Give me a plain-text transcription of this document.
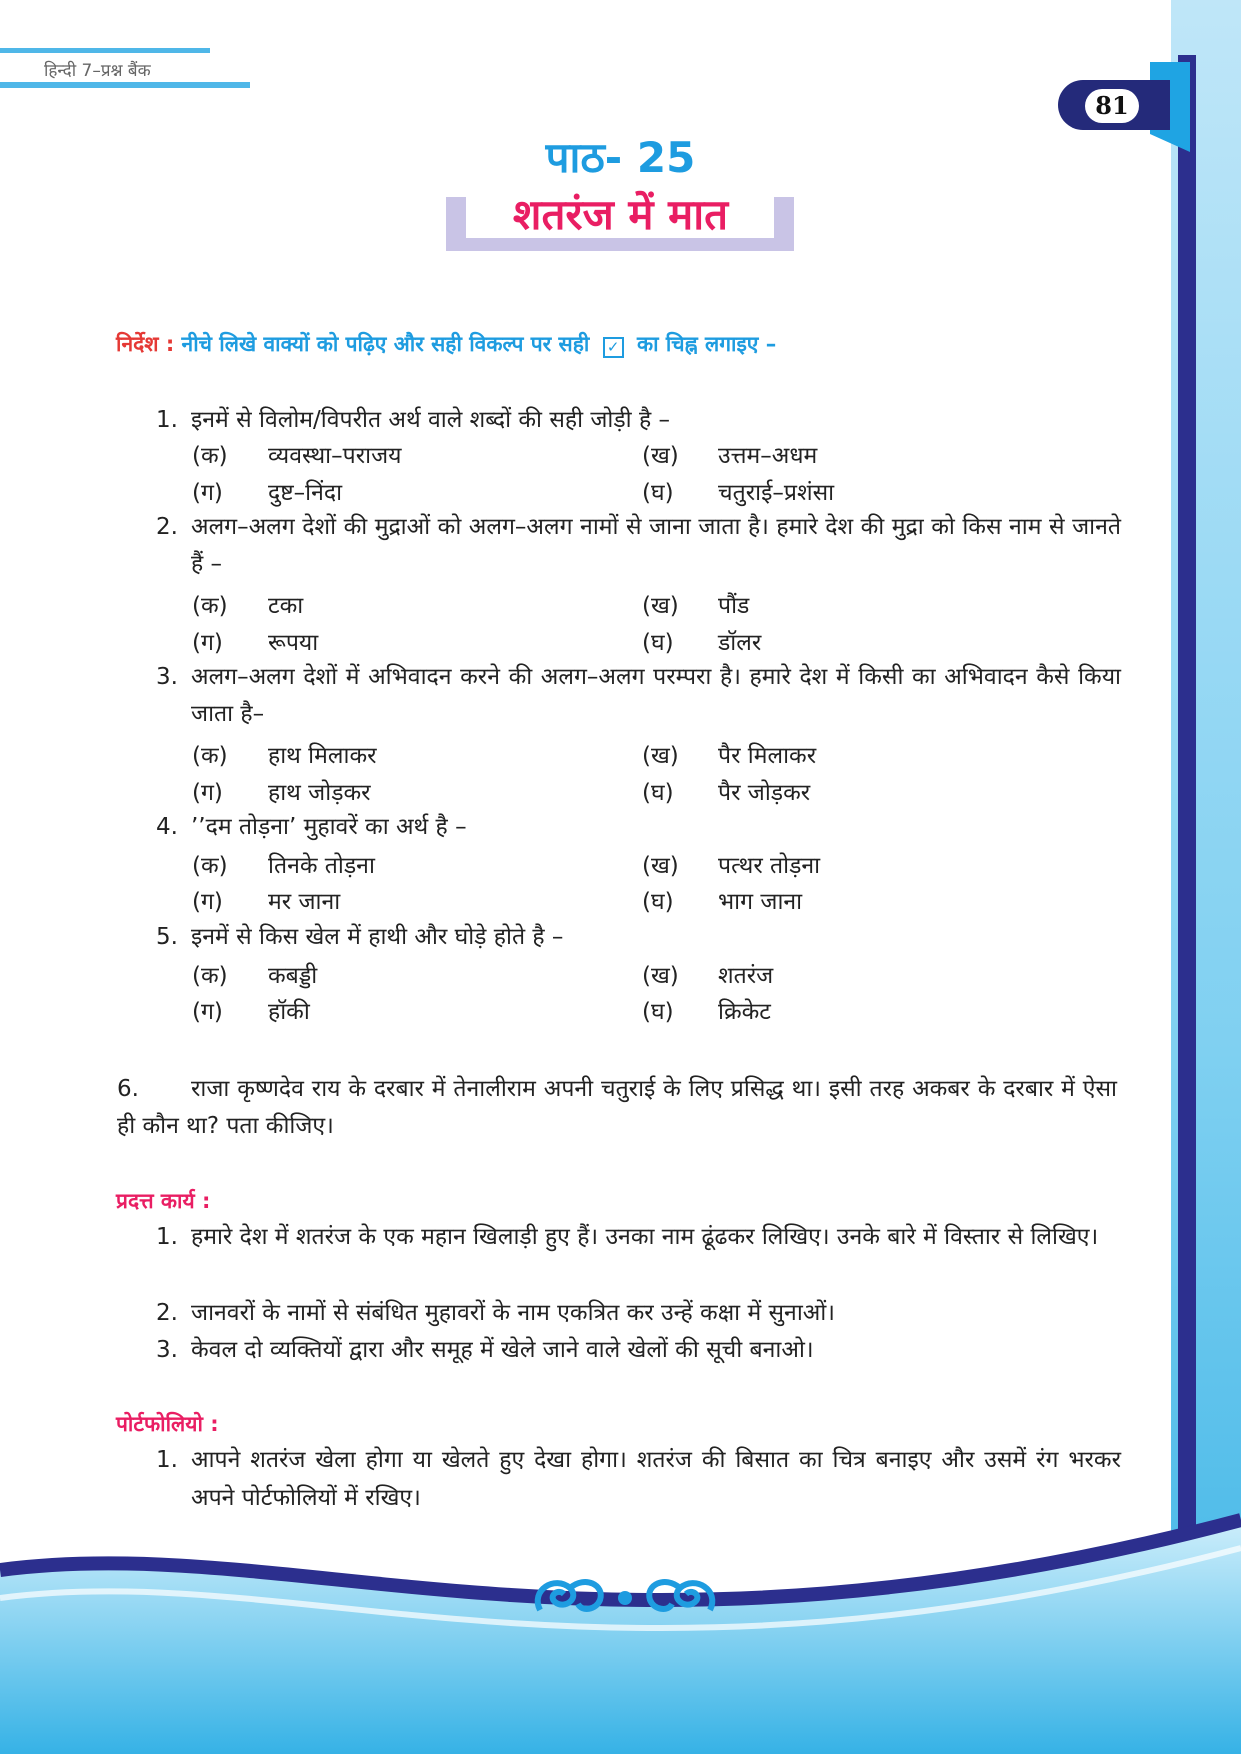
हिन्दी 7–प्रश्न बैंक
81
पाठ- 25
शतरंज में मात
निर्देश : नीचे लिखे वाक्यों को पढ़िए और सही विकल्प पर सही ✓ का चिह्न लगाइए –
1. इनमें से विलोम/विपरीत अर्थ वाले शब्दों की सही जोड़ी है –
(क) व्यवस्था–पराजय	(ख) उत्तम–अधम
(ग)	दुष्ट–निंदा	(घ)	चतुराई–प्रशंसा
2. अलग–अलग देशों की मुद्राओं को अलग–अलग नामों से जाना जाता है। हमारे देश की मुद्रा को किस नाम से जानते हैं –
(क) टका	(ख) पौंड
(ग)	रूपया	(घ)	डॉलर
3. अलग–अलग देशों में अभिवादन करने की अलग–अलग परम्परा है। हमारे देश में किसी का अभिवादन कैसे किया जाता है–
(क) हाथ मिलाकर	(ख) पैर मिलाकर
(ग)	हाथ जोड़कर	(घ)	पैर जोड़कर
4. ’’दम तोड़ना’ मुहावरें का अर्थ है –
(क) तिनके तोड़ना	(ख) पत्थर तोड़ना
(ग)	मर जाना	(घ)	भाग जाना
5. इनमें से किस खेल में हाथी और घोड़े होते है –
(क) कबड्डी	(ख) शतरंज
(ग)	हॉकी	(घ)	क्रिकेट
6. राजा कृष्णदेव राय के दरबार में तेनालीराम अपनी चतुराई के लिए प्रसिद्ध था। इसी तरह अकबर के दरबार में ऐसा ही कौन था? पता कीजिए।
प्रदत्त कार्य :
1. हमारे देश में शतरंज के एक महान खिलाड़ी हुए हैं। उनका नाम ढूंढकर लिखिए। उनके बारे में विस्तार से लिखिए।
2. जानवरों के नामों से संबंधित मुहावरों के नाम एकत्रित कर उन्हें कक्षा में सुनाओं।
3. केवल दो व्यक्तियों द्वारा और समूह में खेले जाने वाले खेलों की सूची बनाओ।
पोर्टफोलियो :
1. आपने शतरंज खेला होगा या खेलते हुए देखा होगा। शतरंज की बिसात का चित्र बनाइए और उसमें रंग भरकर अपने पोर्टफोलियों में रखिए।
